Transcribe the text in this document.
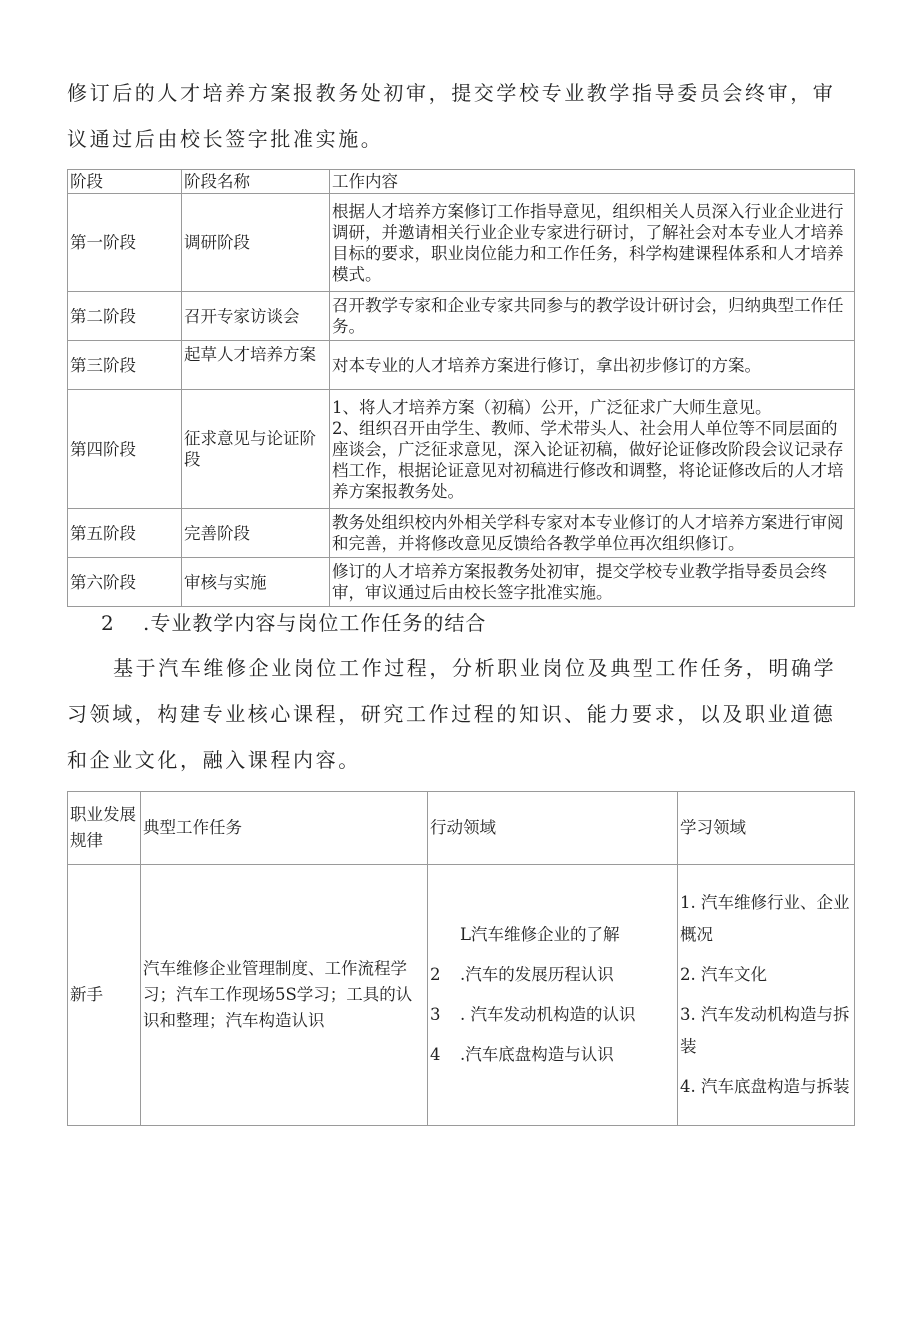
修订后的人才培养方案报教务处初审，提交学校专业教学指导委员会终审，审议通过后由校长签字批准实施。

阶段	阶段名称	工作内容
第一阶段	调研阶段	根据人才培养方案修订工作指导意见，组织相关人员深入行业企业进行调研，并邀请相关行业企业专家进行研讨，了解社会对本专业人才培养目标的要求，职业岗位能力和工作任务，科学构建课程体系和人才培养模式。
第二阶段	召开专家访谈会	召开教学专家和企业专家共同参与的教学设计研讨会，归纳典型工作任务。
第三阶段	起草人才培养方案	对本专业的人才培养方案进行修订，拿出初步修订的方案。
第四阶段	征求意见与论证阶段	1、将人才培养方案（初稿）公开，广泛征求广大师生意见。
2、组织召开由学生、教师、学术带头人、社会用人单位等不同层面的座谈会，广泛征求意见，深入论证初稿，做好论证修改阶段会议记录存档工作，根据论证意见对初稿进行修改和调整，将论证修改后的人才培养方案报教务处。

第五阶段	完善阶段	教务处组织校内外相关学科专家对本专业修订的人才培养方案进行审阅和完善，并将修改意见反馈给各教学单位再次组织修订。
第六阶段	审核与实施	修订的人才培养方案报教务处初审，提交学校专业教学指导委员会终审，审议通过后由校长签字批准实施。
2 .专业教学内容与岗位工作任务的结合

基于汽车维修企业岗位工作过程，分析职业岗位及典型工作任务，明确学习领域，构建专业核心课程，研究工作过程的知识、能力要求，以及职业道德和企业文化，融入课程内容。

职业发展规律	典型工作任务	行动领域	学习领域
新手	汽车维修企业管理制度、工作流程学习；汽车工作现场5S学习；工具的认识和整理；汽车构造认识	L汽车维修企业的了解
2 .汽车的发展历程认识
3 . 汽车发动机构造的认识
4 .汽车底盘构造与认识	1. 汽车维修行业、企业概况
2. 汽车文化
3. 汽车发动机构造与拆装
4. 汽车底盘构造与拆装
